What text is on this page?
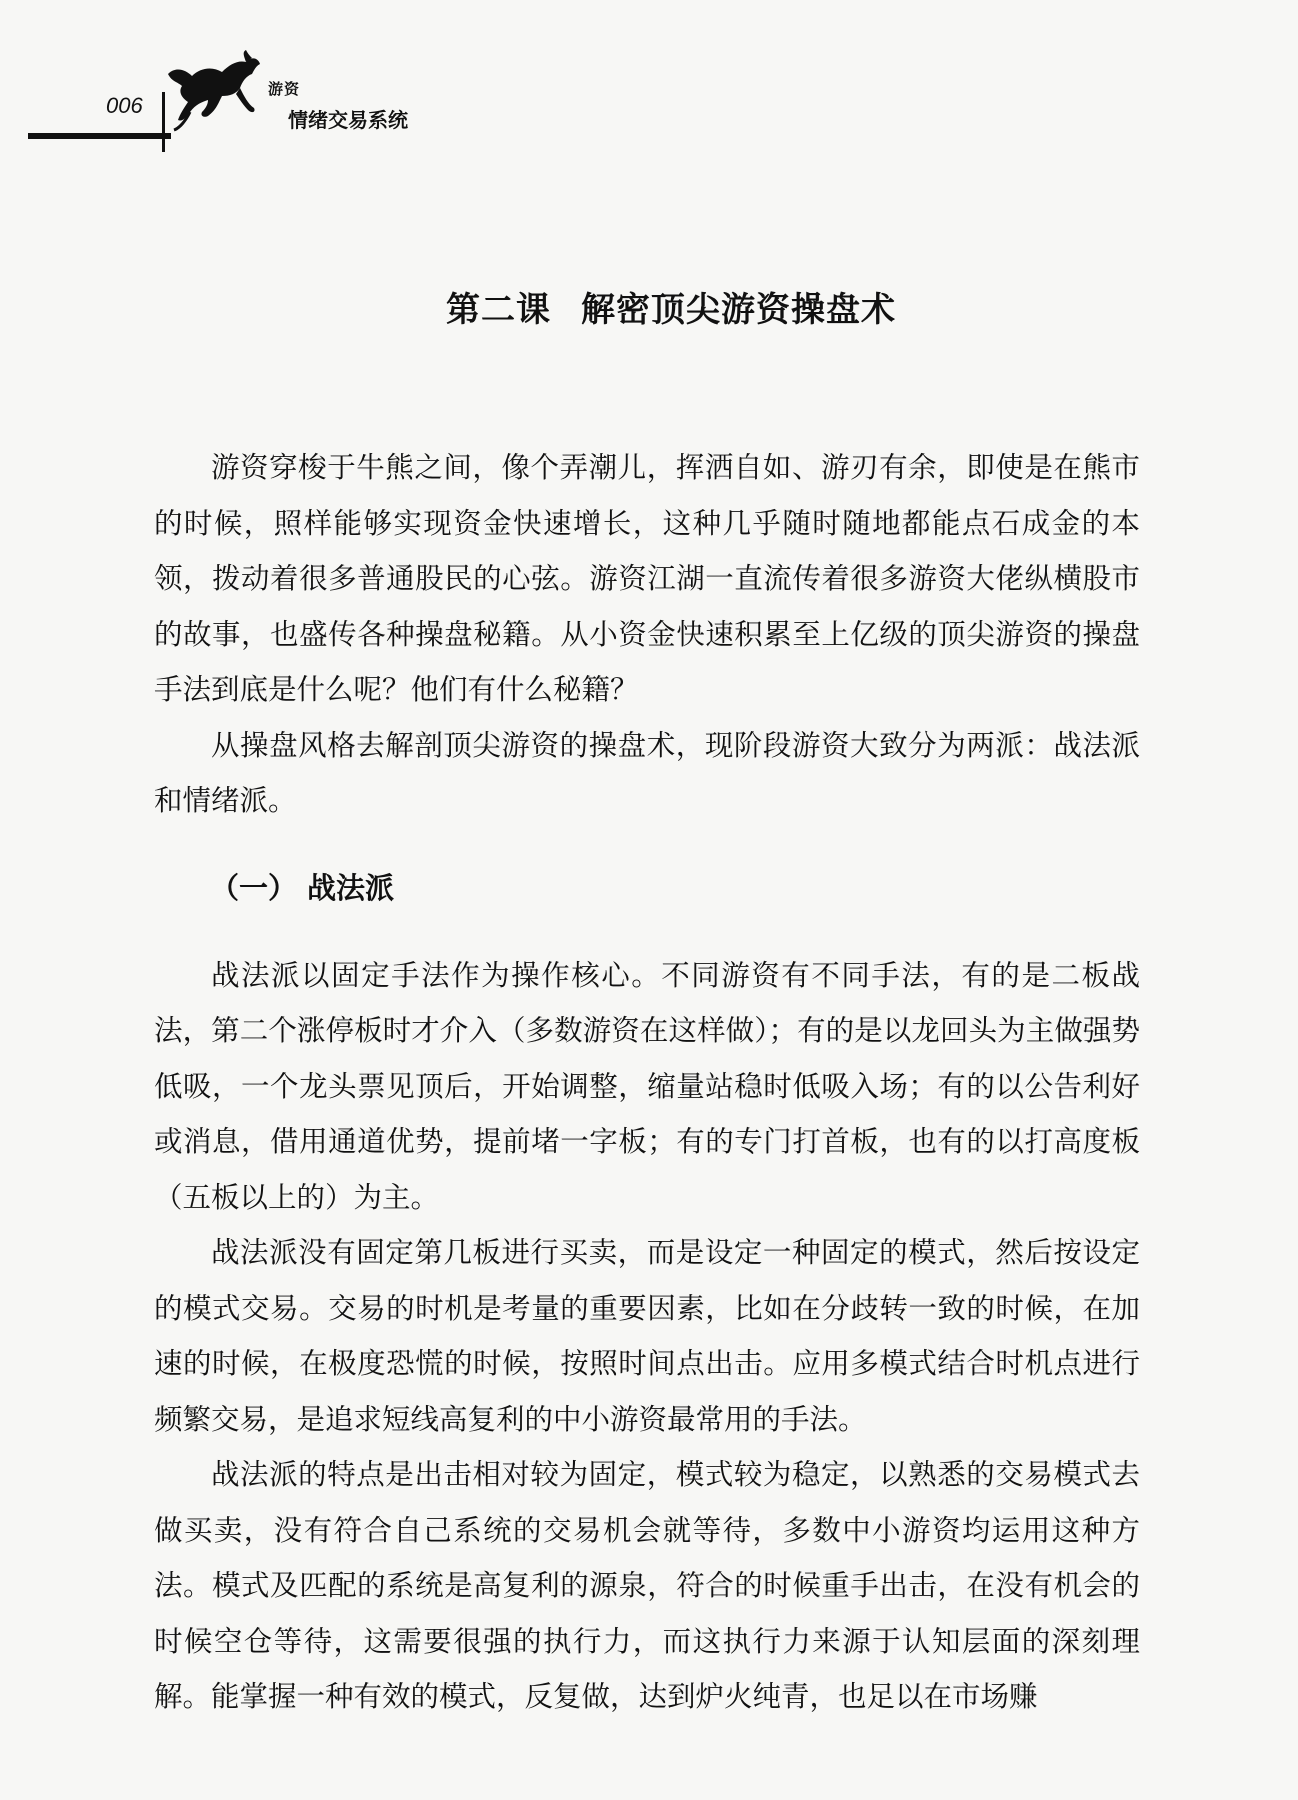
006
游资
情绪交易系统
第二课 解密顶尖游资操盘术

游资穿梭于牛熊之间，像个弄潮儿，挥洒自如、游刃有余，即使是在熊市的时候，照样能够实现资金快速增长，这种几乎随时随地都能点石成金的本领，拨动着很多普通股民的心弦。游资江湖一直流传着很多游资大佬纵横股市的故事，也盛传各种操盘秘籍。从小资金快速积累至上亿级的顶尖游资的操盘手法到底是什么呢？他们有什么秘籍？

从操盘风格去解剖顶尖游资的操盘术，现阶段游资大致分为两派：战法派和情绪派。

（一） 战法派

战法派以固定手法作为操作核心。不同游资有不同手法，有的是二板战法，第二个涨停板时才介入（多数游资在这样做）；有的是以龙回头为主做强势低吸，一个龙头票见顶后，开始调整，缩量站稳时低吸入场；有的以公告利好或消息，借用通道优势，提前堵一字板；有的专门打首板，也有的以打高度板（五板以上的）为主。

战法派没有固定第几板进行买卖，而是设定一种固定的模式，然后按设定的模式交易。交易的时机是考量的重要因素，比如在分歧转一致的时候，在加速的时候，在极度恐慌的时候，按照时间点出击。应用多模式结合时机点进行频繁交易，是追求短线高复利的中小游资最常用的手法。

战法派的特点是出击相对较为固定，模式较为稳定，以熟悉的交易模式去做买卖，没有符合自己系统的交易机会就等待，多数中小游资均运用这种方法。模式及匹配的系统是高复利的源泉，符合的时候重手出击，在没有机会的时候空仓等待，这需要很强的执行力，而这执行力来源于认知层面的深刻理解。能掌握一种有效的模式，反复做，达到炉火纯青，也足以在市场赚
